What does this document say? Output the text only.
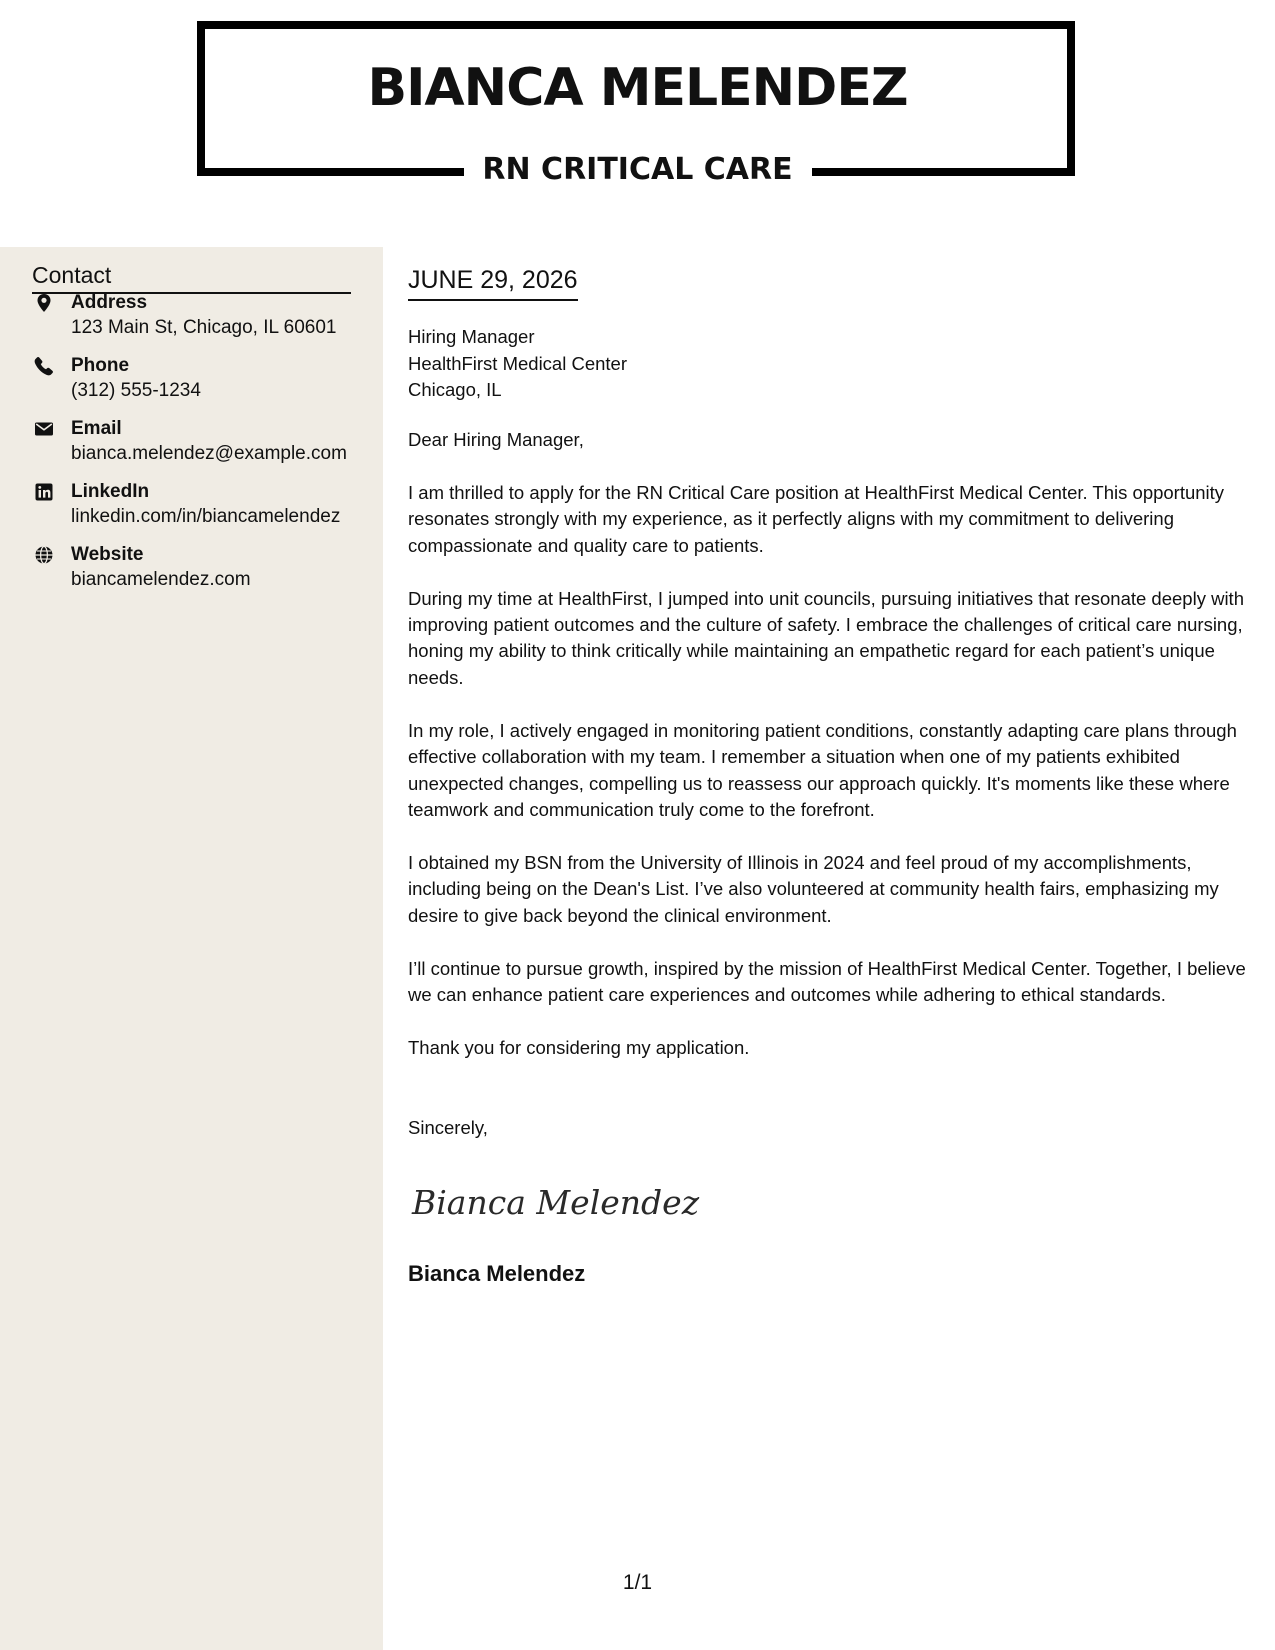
BIANCA MELENDEZ
RN CRITICAL CARE
Contact
Address
123 Main St, Chicago, IL 60601
Phone
(312) 555-1234
Email
bianca.melendez@example.com
LinkedIn
linkedin.com/in/biancamelendez
Website
biancamelendez.com
JUNE 29, 2026
Hiring Manager
HealthFirst Medical Center
Chicago, IL

Dear Hiring Manager,

I am thrilled to apply for the RN Critical Care position at HealthFirst Medical Center. This opportunity resonates strongly with my experience, as it perfectly aligns with my commitment to delivering compassionate and quality care to patients.

During my time at HealthFirst, I jumped into unit councils, pursuing initiatives that resonate deeply with improving patient outcomes and the culture of safety. I embrace the challenges of critical care nursing, honing my ability to think critically while maintaining an empathetic regard for each patient’s unique needs.

In my role, I actively engaged in monitoring patient conditions, constantly adapting care plans through effective collaboration with my team. I remember a situation when one of my patients exhibited unexpected changes, compelling us to reassess our approach quickly. It's moments like these where teamwork and communication truly come to the forefront.

I obtained my BSN from the University of Illinois in 2024 and feel proud of my accomplishments, including being on the Dean's List. I’ve also volunteered at community health fairs, emphasizing my desire to give back beyond the clinical environment.

I’ll continue to pursue growth, inspired by the mission of HealthFirst Medical Center. Together, I believe we can enhance patient care experiences and outcomes while adhering to ethical standards.

Thank you for considering my application.

Sincerely,
Bianca Melendez
Bianca Melendez
1/1
